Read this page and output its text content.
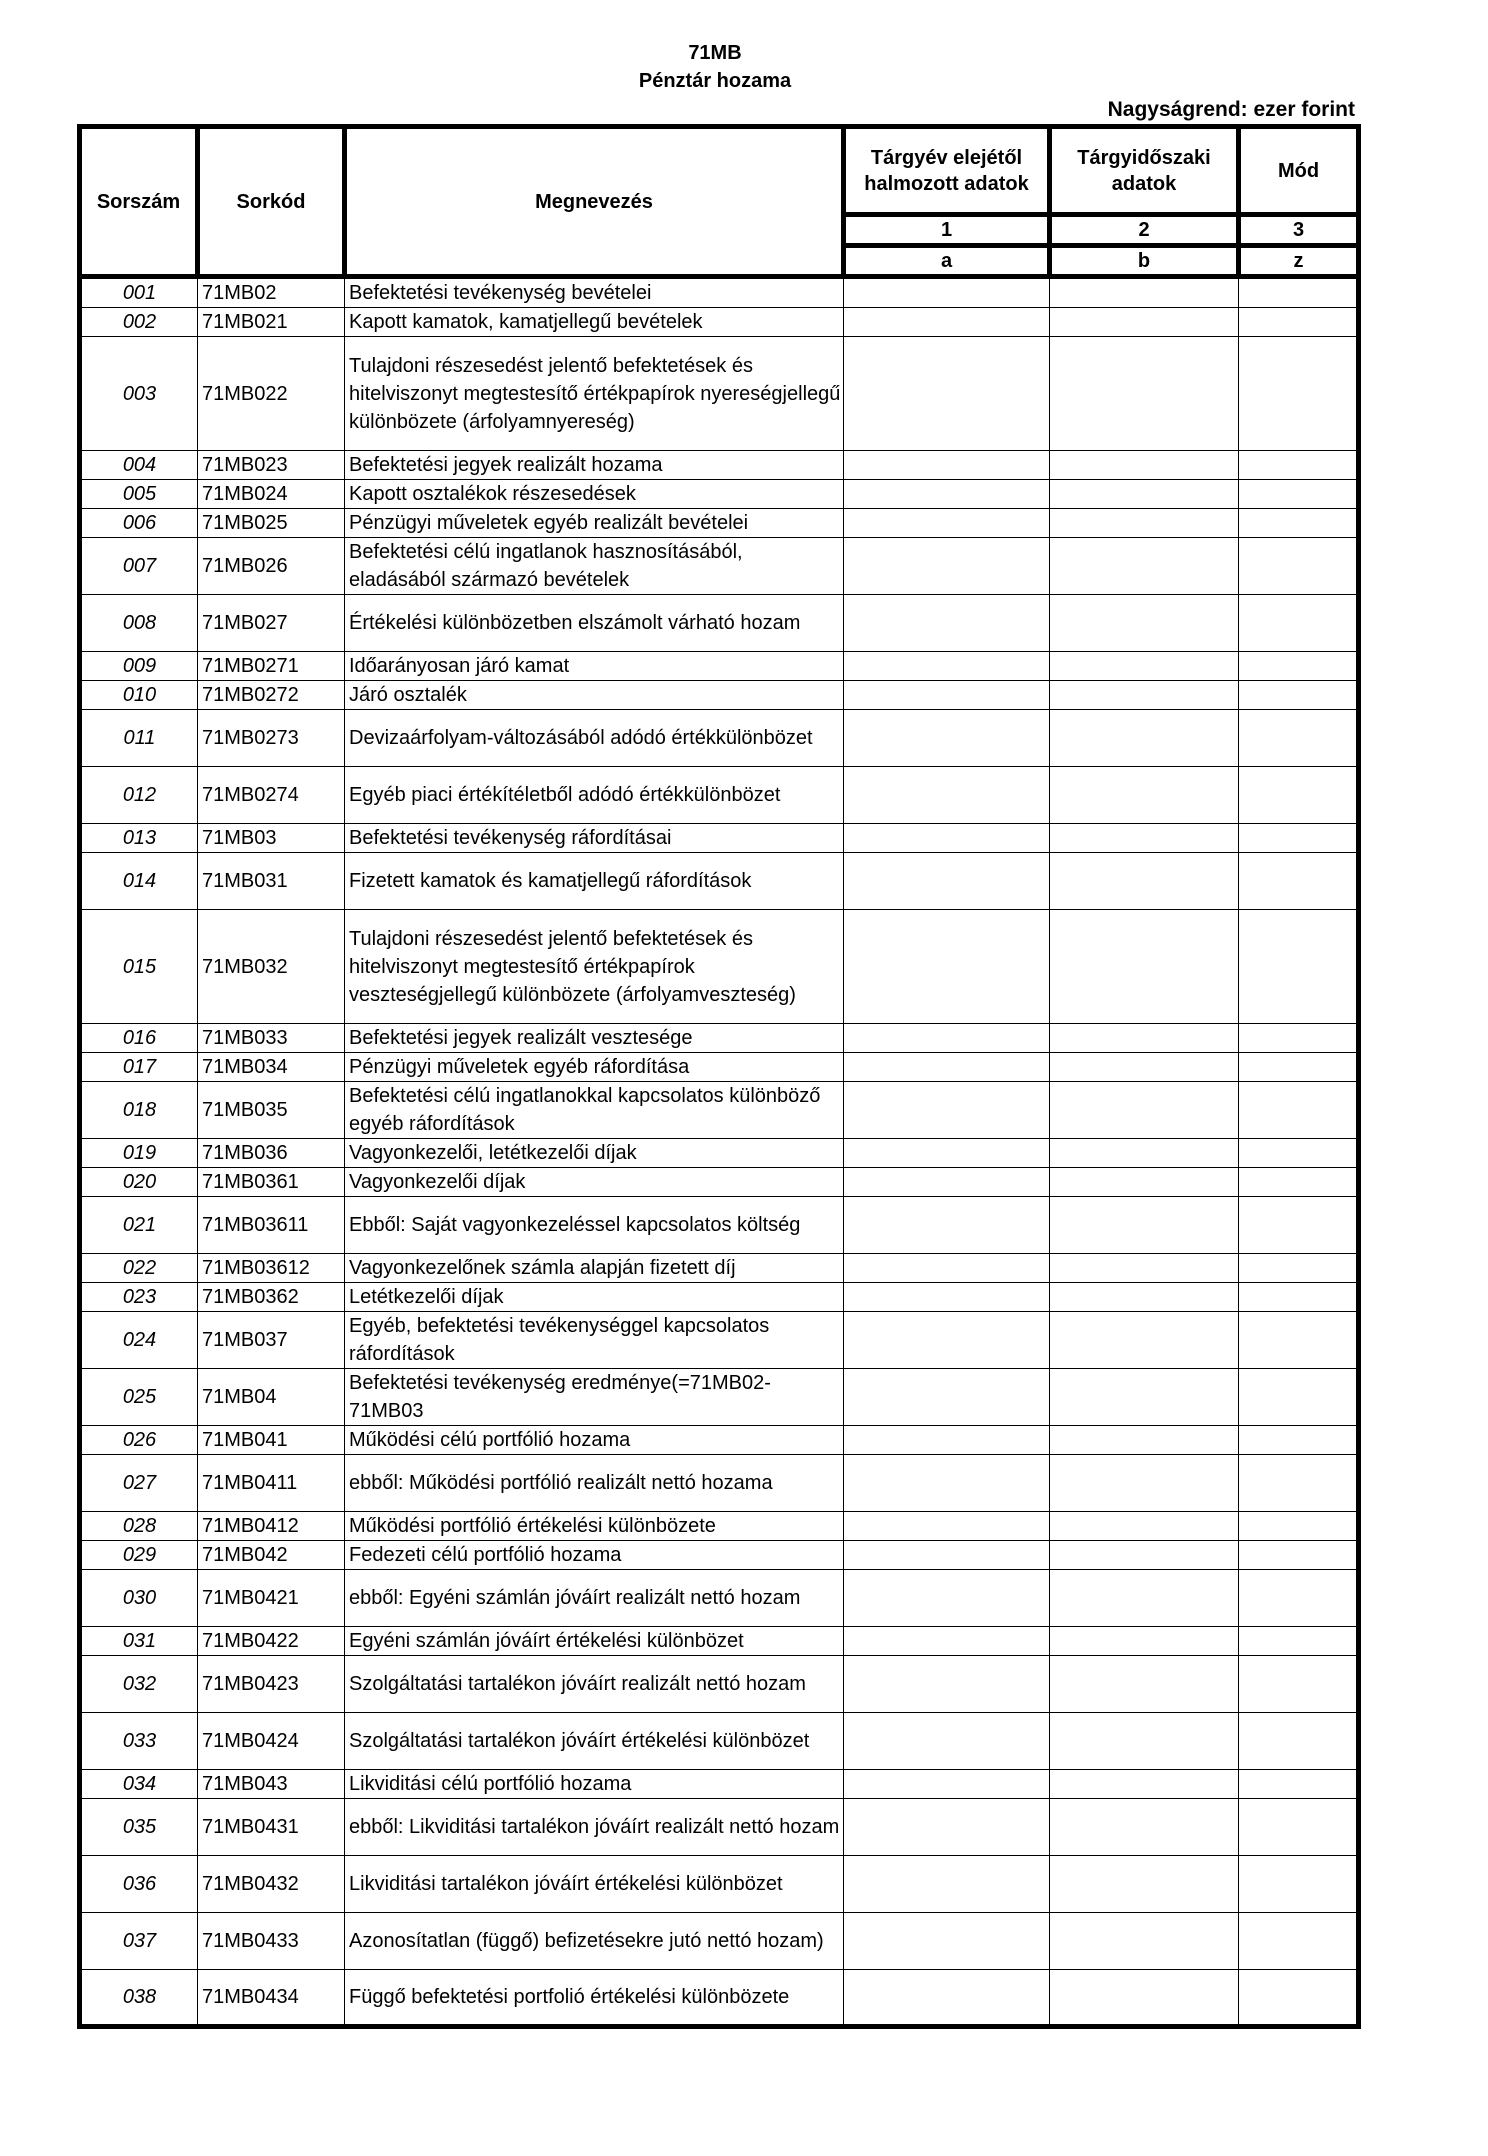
71MB
Pénztár hozama
Nagyságrend: ezer forint
Sorszám	Sorkód	Megnevezés	Tárgyév elejétől halmozott adatok	Tárgyidőszaki adatok	Mód
			1	2	3
			a	b	z
001	71MB02	Befektetési tevékenység bevételei			
002	71MB021	Kapott kamatok, kamatjellegű bevételek			
003	71MB022	Tulajdoni részesedést jelentő befektetések és hitelviszonyt megtestesítő értékpapírok nyereségjellegű különbözete (árfolyamnyereség)			
004	71MB023	Befektetési jegyek realizált hozama			
005	71MB024	Kapott osztalékok részesedések			
006	71MB025	Pénzügyi műveletek egyéb realizált bevételei			
007	71MB026	Befektetési célú ingatlanok hasznosításából, eladásából származó bevételek			
008	71MB027	Értékelési különbözetben elszámolt várható hozam			
009	71MB0271	Időarányosan járó kamat			
010	71MB0272	Járó osztalék			
011	71MB0273	Devizaárfolyam-változásából adódó értékkülönbözet			
012	71MB0274	Egyéb piaci értékítéletből adódó értékkülönbözet			
013	71MB03	Befektetési tevékenység ráfordításai			
014	71MB031	Fizetett kamatok és kamatjellegű ráfordítások			
015	71MB032	Tulajdoni részesedést jelentő befektetések és hitelviszonyt megtestesítő értékpapírok veszteségjellegű különbözete (árfolyamveszteség)			
016	71MB033	Befektetési jegyek realizált vesztesége			
017	71MB034	Pénzügyi műveletek egyéb ráfordítása			
018	71MB035	Befektetési célú ingatlanokkal kapcsolatos különböző egyéb ráfordítások			
019	71MB036	Vagyonkezelői, letétkezelői díjak			
020	71MB0361	Vagyonkezelői díjak			
021	71MB03611	Ebből: Saját vagyonkezeléssel kapcsolatos költség			
022	71MB03612	Vagyonkezelőnek számla alapján fizetett díj			
023	71MB0362	Letétkezelői díjak			
024	71MB037	Egyéb, befektetési tevékenységgel kapcsolatos ráfordítások			
025	71MB04	Befektetési tevékenység eredménye(=71MB02-71MB03			
026	71MB041	Működési célú portfólió hozama			
027	71MB0411	ebből: Működési portfólió realizált nettó hozama			
028	71MB0412	Működési portfólió értékelési különbözete			
029	71MB042	Fedezeti célú portfólió hozama			
030	71MB0421	ebből: Egyéni számlán jóváírt realizált nettó hozam			
031	71MB0422	Egyéni számlán jóváírt értékelési különbözet			
032	71MB0423	Szolgáltatási tartalékon jóváírt realizált nettó hozam			
033	71MB0424	Szolgáltatási tartalékon jóváírt értékelési különbözet			
034	71MB043	Likviditási célú portfólió hozama			
035	71MB0431	ebből: Likviditási tartalékon jóváírt realizált nettó hozam			
036	71MB0432	Likviditási tartalékon jóváírt értékelési különbözet			
037	71MB0433	Azonosítatlan (függő) befizetésekre jutó nettó hozam)			
038	71MB0434	Függő befektetési portfolió értékelési különbözete			
